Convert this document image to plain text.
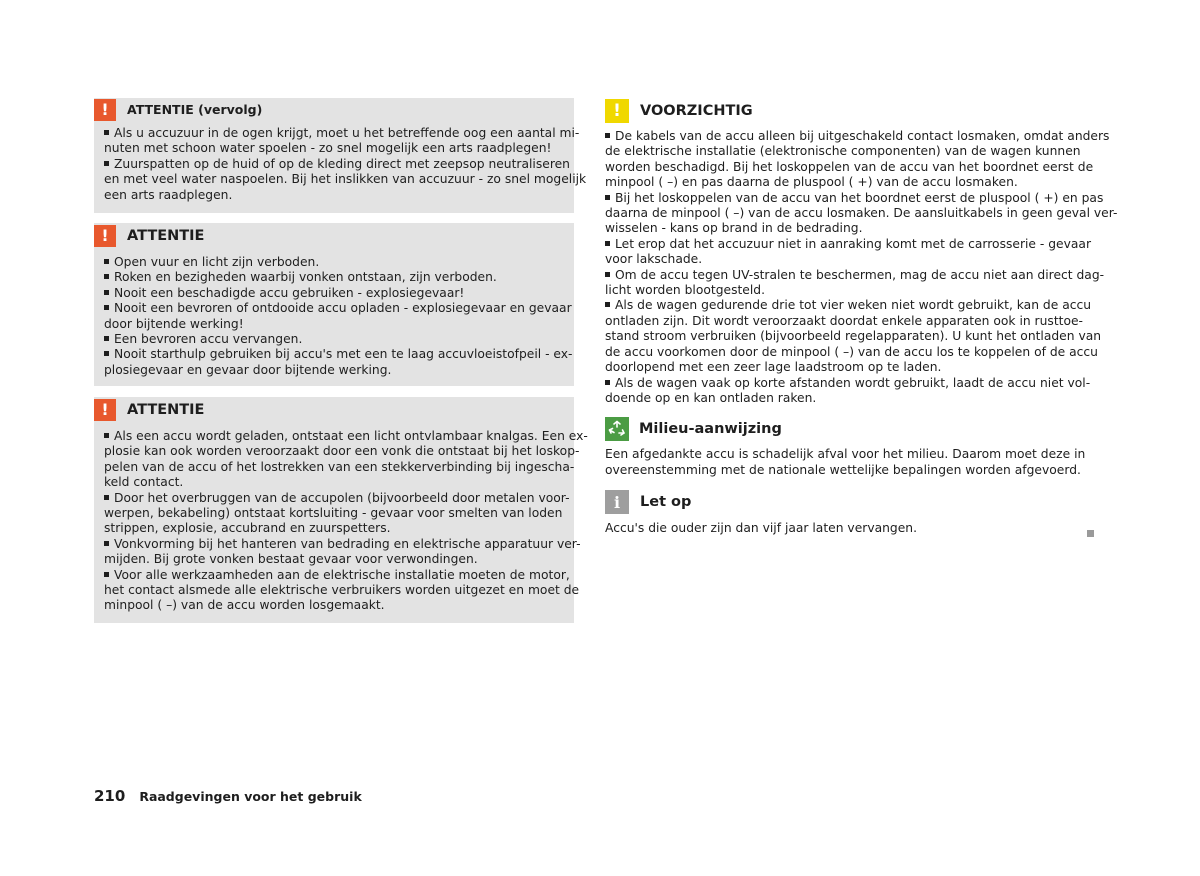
!	ATTENTIE (vervolg)
Als u accuzuur in de ogen krijgt, moet u het betreffende oog een aantal mi-
nuten met schoon water spoelen - zo snel mogelijk een arts raadplegen!
Zuurspatten op de huid of op de kleding direct met zeepsop neutraliseren
en met veel water naspoelen. Bij het inslikken van accuzuur - zo snel mogelijk
een arts raadplegen.
!	ATTENTIE
Open vuur en licht zijn verboden.
Roken en bezigheden waarbij vonken ontstaan, zijn verboden.
Nooit een beschadigde accu gebruiken - explosiegevaar!
Nooit een bevroren of ontdooide accu opladen - explosiegevaar en gevaar
door bijtende werking!
Een bevroren accu vervangen.
Nooit starthulp gebruiken bij accu's met een te laag accuvloeistofpeil - ex-
plosiegevaar en gevaar door bijtende werking.
!	ATTENTIE
Als een accu wordt geladen, ontstaat een licht ontvlambaar knalgas. Een ex-
plosie kan ook worden veroorzaakt door een vonk die ontstaat bij het loskop-
pelen van de accu of het lostrekken van een stekkerverbinding bij ingescha-
keld contact.
Door het overbruggen van de accupolen (bijvoorbeeld door metalen voor-
werpen, bekabeling) ontstaat kortsluiting - gevaar voor smelten van loden
strippen, explosie, accubrand en zuurspetters.
Vonkvorming bij het hanteren van bedrading en elektrische apparatuur ver-
mijden. Bij grote vonken bestaat gevaar voor verwondingen.
Voor alle werkzaamheden aan de elektrische installatie moeten de motor,
het contact alsmede alle elektrische verbruikers worden uitgezet en moet de
minpool ( –) van de accu worden losgemaakt.
!	VOORZICHTIG
De kabels van de accu alleen bij uitgeschakeld contact losmaken, omdat anders
de elektrische installatie (elektronische componenten) van de wagen kunnen
worden beschadigd. Bij het loskoppelen van de accu van het boordnet eerst de
minpool ( –) en pas daarna de pluspool ( +) van de accu losmaken.
Bij het loskoppelen van de accu van het boordnet eerst de pluspool ( +) en pas
daarna de minpool ( –) van de accu losmaken. De aansluitkabels in geen geval ver-
wisselen - kans op brand in de bedrading.
Let erop dat het accuzuur niet in aanraking komt met de carrosserie - gevaar
voor lakschade.
Om de accu tegen UV-stralen te beschermen, mag de accu niet aan direct dag-
licht worden blootgesteld.
Als de wagen gedurende drie tot vier weken niet wordt gebruikt, kan de accu
ontladen zijn. Dit wordt veroorzaakt doordat enkele apparaten ook in rusttoe-
stand stroom verbruiken (bijvoorbeeld regelapparaten). U kunt het ontladen van
de accu voorkomen door de minpool ( –) van de accu los te koppelen of de accu
doorlopend met een zeer lage laadstroom op te laden.
Als de wagen vaak op korte afstanden wordt gebruikt, laadt de accu niet vol-
doende op en kan ontladen raken.
Milieu-aanwijzing
Een afgedankte accu is schadelijk afval voor het milieu. Daarom moet deze in
overeenstemming met de nationale wettelijke bepalingen worden afgevoerd.
i	Let op
Accu's die ouder zijn dan vijf jaar laten vervangen.
210 Raadgevingen voor het gebruik
